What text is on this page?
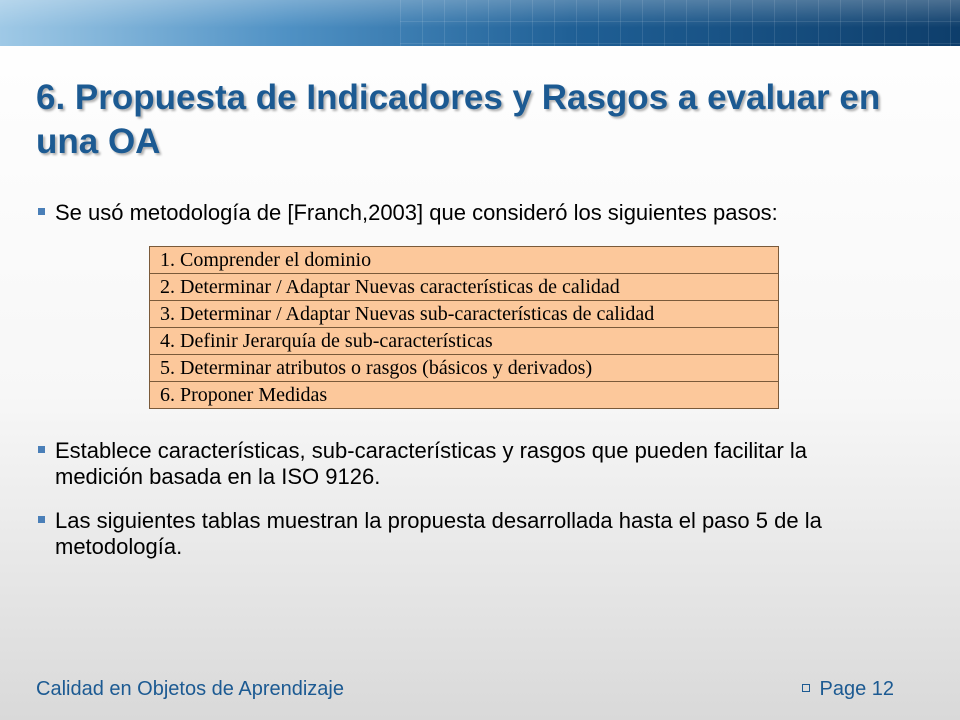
6. Propuesta de Indicadores y Rasgos a evaluar en una OA
Se usó metodología de [Franch,2003] que consideró los siguientes pasos:
1. Comprender el dominio
2. Determinar / Adaptar Nuevas características de calidad
3. Determinar / Adaptar Nuevas sub-características de calidad
4. Definir Jerarquía de sub-características
5. Determinar atributos o rasgos (básicos y derivados)
6. Proponer Medidas
Establece características, sub-características y rasgos que pueden facilitar la medición basada en la ISO 9126.
Las siguientes tablas muestran la propuesta desarrollada hasta el paso 5 de la metodología.
Calidad en Objetos de Aprendizaje	Page 12
